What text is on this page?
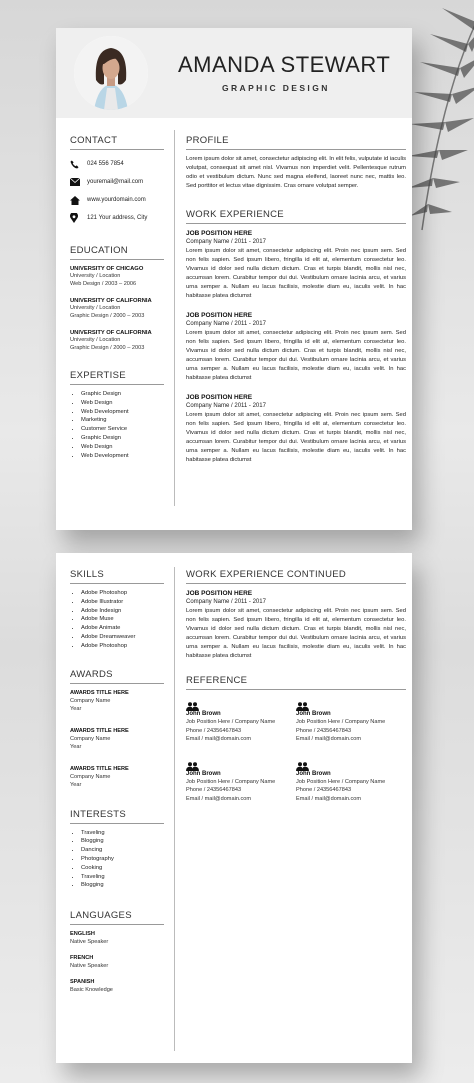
AMANDA STEWART
GRAPHIC DESIGN
CONTACT
024 556 7854
youremail@mail.com
www.yourdomain.com
121 Your address, City
EDUCATION
UNIVERSITY OF CHICAGO
University / Location
Web Design / 2003 – 2006
UNIVERSITY OF CALIFORNIA
University / Location
Graphic Design / 2000 – 2003
UNIVERSITY OF CALIFORNIA
University / Location
Graphic Design / 2000 – 2003
EXPERTISE
• Graphic Design
• Web Design
• Web Development
• Marketing
• Customer Service
• Graphic Design
• Web Design
• Web Development
PROFILE

Lorem ipsum dolor sit amet, consectetur adipiscing elit. In elit felis, vulputate id iaculis volutpat, consequat sit amet nisl. Vivamus non imperdiet velit. Pellentesque rutrum odio et vestibulum dictum. Nunc sed magna eleifend, laoreet nunc nec, mattis leo. Sed porttitor et lectus vitae dignissim. Cras ornare volutpat semper.

WORK EXPERIENCE
JOB POSITION HERE
Company Name / 2011 - 2017

Lorem ipsum dolor sit amet, consectetur adipiscing elit. Proin nec ipsum sem. Sed non felis sapien. Sed ipsum libero, fringilla id elit at, elementum consectetur leo. Vivamus id dolor sed nulla dictum dictum. Cras et turpis blandit, mollis nisl nec, accumsan lorem. Curabitur tempor dui dui. Vestibulum ornare lacinia arcu, et varius urna semper a. Nullam eu lacus facilisis, molestie diam eu, iaculis velit. In hac habitasse platea dictumst

JOB POSITION HERE
Company Name / 2011 - 2017

Lorem ipsum dolor sit amet, consectetur adipiscing elit. Proin nec ipsum sem. Sed non felis sapien. Sed ipsum libero, fringilla id elit at, elementum consectetur leo. Vivamus id dolor sed nulla dictum dictum. Cras et turpis blandit, mollis nisl nec, accumsan lorem. Curabitur tempor dui dui. Vestibulum ornare lacinia arcu, et varius urna semper a. Nullam eu lacus facilisis, molestie diam eu, iaculis velit. In hac habitasse platea dictumst

JOB POSITION HERE
Company Name / 2011 - 2017

Lorem ipsum dolor sit amet, consectetur adipiscing elit. Proin nec ipsum sem. Sed non felis sapien. Sed ipsum libero, fringilla id elit at, elementum consectetur leo. Vivamus id dolor sed nulla dictum dictum. Cras et turpis blandit, mollis nisl nec, accumsan lorem. Curabitur tempor dui dui. Vestibulum ornare lacinia arcu, et varius urna semper a. Nullam eu lacus facilisis, molestie diam eu, iaculis velit. In hac habitasse platea dictumst

SKILLS
• Adobe Photoshop
• Adobe Illustrator
• Adobe Indesign
• Adobe Muse
• Adobe Animate
• Adobe Dreamweaver
• Adobe Photoshop
AWARDS
AWARDS TITLE HERE
Company Name
Year
AWARDS TITLE HERE
Company Name
Year
AWARDS TITLE HERE
Company Name
Year
INTERESTS
• Traveling
• Blogging
• Dancing
• Photography
• Cooking
• Traveling
• Blogging
LANGUAGES
ENGLISH
Native Speaker
FRENCH
Native Speaker
SPANISH
Basic Knowledge
WORK EXPERIENCE CONTINUED
JOB POSITION HERE
Company Name / 2011 - 2017

Lorem ipsum dolor sit amet, consectetur adipiscing elit. Proin nec ipsum sem. Sed non felis sapien. Sed ipsum libero, fringilla id elit at, elementum consectetur leo. Vivamus id dolor sed nulla dictum dictum. Cras et turpis blandit, mollis nisl nec, accumsan lorem. Curabitur tempor dui dui. Vestibulum ornare lacinia arcu, et varius urna semper a. Nullam eu lacus facilisis, molestie diam eu, iaculis velit. In hac habitasse platea dictumst

REFERENCE
John Brown
Job Position Here / Company Name
Phone / 24356467843
Email / mail@domain.com
John Brown
Job Position Here / Company Name
Phone / 24356467843
Email / mail@domain.com
John Brown
Job Position Here / Company Name
Phone / 24356467843
Email / mail@domain.com
John Brown
Job Position Here / Company Name
Phone / 24356467843
Email / mail@domain.com
